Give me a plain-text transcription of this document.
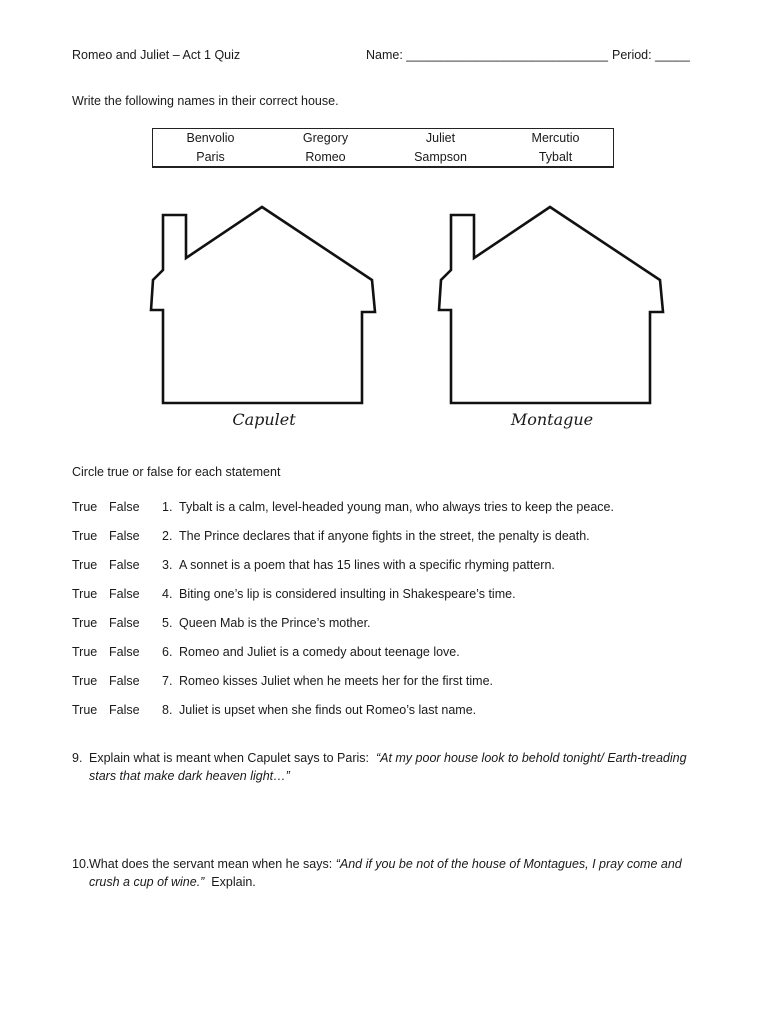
Romeo and Juliet – Act 1 Quiz	Name: _____________________________ Period: _____
Write the following names in their correct house.
Benvolio	Gregory	Juliet	Mercutio
Paris	Romeo	Sampson	Tybalt
Capulet	Montague
Circle true or false for each statement
True False 1. Tybalt is a calm, level-headed young man, who always tries to keep the peace.
True False 2. The Prince declares that if anyone fights in the street, the penalty is death.
True False 3. A sonnet is a poem that has 15 lines with a specific rhyming pattern.
True False 4. Biting one’s lip is considered insulting in Shakespeare’s time.
True False 5. Queen Mab is the Prince’s mother.
True False 6. Romeo and Juliet is a comedy about teenage love.
True False 7. Romeo kisses Juliet when he meets her for the first time.
True False 8. Juliet is upset when she finds out Romeo’s last name.
9. Explain what is meant when Capulet says to Paris: “At my poor house look to behold tonight/ Earth-treading stars that make dark heaven light…”
10. What does the servant mean when he says: “And if you be not of the house of Montagues, I pray come and crush a cup of wine.” Explain.
